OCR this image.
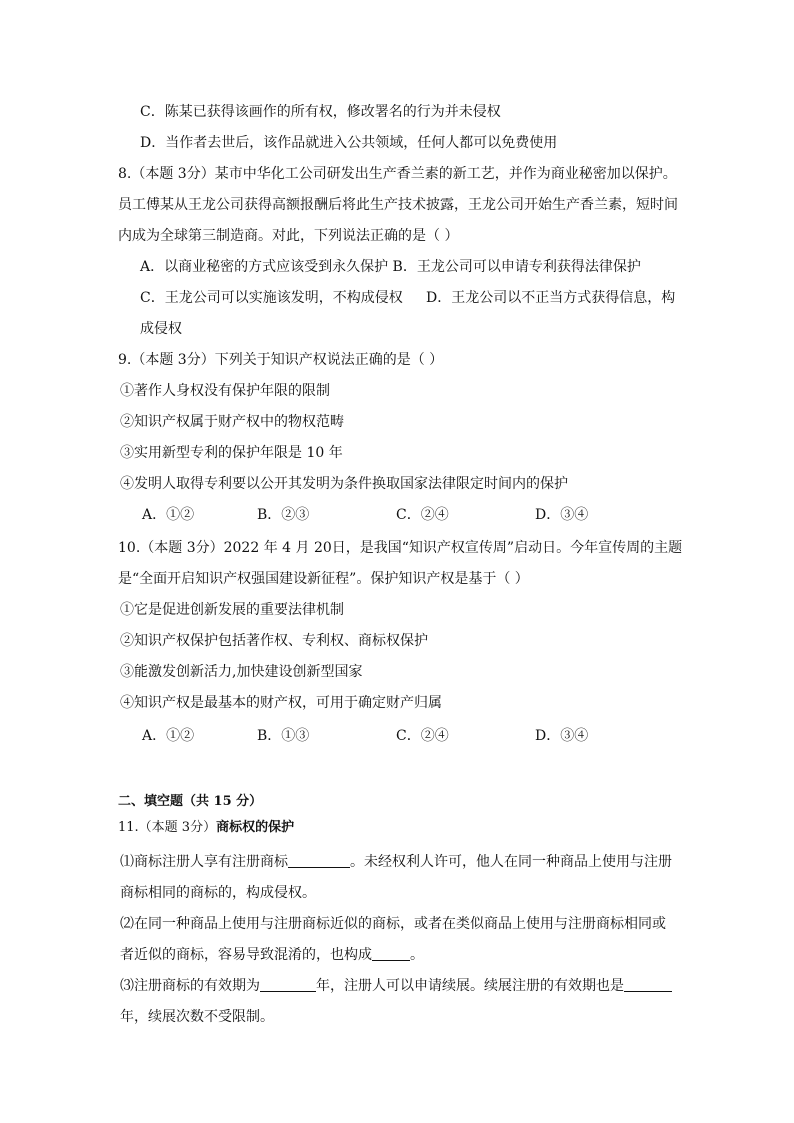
C．陈某已获得该画作的所有权，修改署名的行为并未侵权
D．当作者去世后，该作品就进入公共领域，任何人都可以免费使用
8.（本题 3分）某市中华化工公司研发出生产香兰素的新工艺，并作为商业秘密加以保护。
员工傅某从王龙公司获得高额报酬后将此生产技术披露，王龙公司开始生产香兰素，短时间
内成为全球第三制造商。对此，下列说法正确的是（ ）
A．以商业秘密的方式应该受到永久保护 B．王龙公司可以申请专利获得法律保护
C．王龙公司可以实施该发明，不构成侵权 D．王龙公司以不正当方式获得信息，构
成侵权
9.（本题 3分）下列关于知识产权说法正确的是（ ）
①著作人身权没有保护年限的限制
②知识产权属于财产权中的物权范畴
③实用新型专利的保护年限是 10 年
④发明人取得专利要以公开其发明为条件换取国家法律限定时间内的保护
A．①②	B．②③	C．②④	D．③④
10.（本题 3分）2022 年 4 月 20日，是我国“知识产权宣传周”启动日。今年宣传周的主题
是“全面开启知识产权强国建设新征程”。保护知识产权是基于（ ）
①它是促进创新发展的重要法律机制
②知识产权保护包括著作权、专利权、商标权保护
③能激发创新活力,加快建设创新型国家
④知识产权是最基本的财产权，可用于确定财产归属
A．①②	B．①③	C．②④	D．③④
二、填空题（共 15 分）
11.（本题 3分）商标权的保护
⑴商标注册人享有注册商标	。未经权利人许可，他人在同一种商品上使用与注册
商标相同的商标的，构成侵权。
⑵在同一种商品上使用与注册商标近似的商标，或者在类似商品上使用与注册商标相同或
者近似的商标，容易导致混淆的，也构成	。
⑶注册商标的有效期为	年，注册人可以申请续展。续展注册的有效期也是
年，续展次数不受限制。
